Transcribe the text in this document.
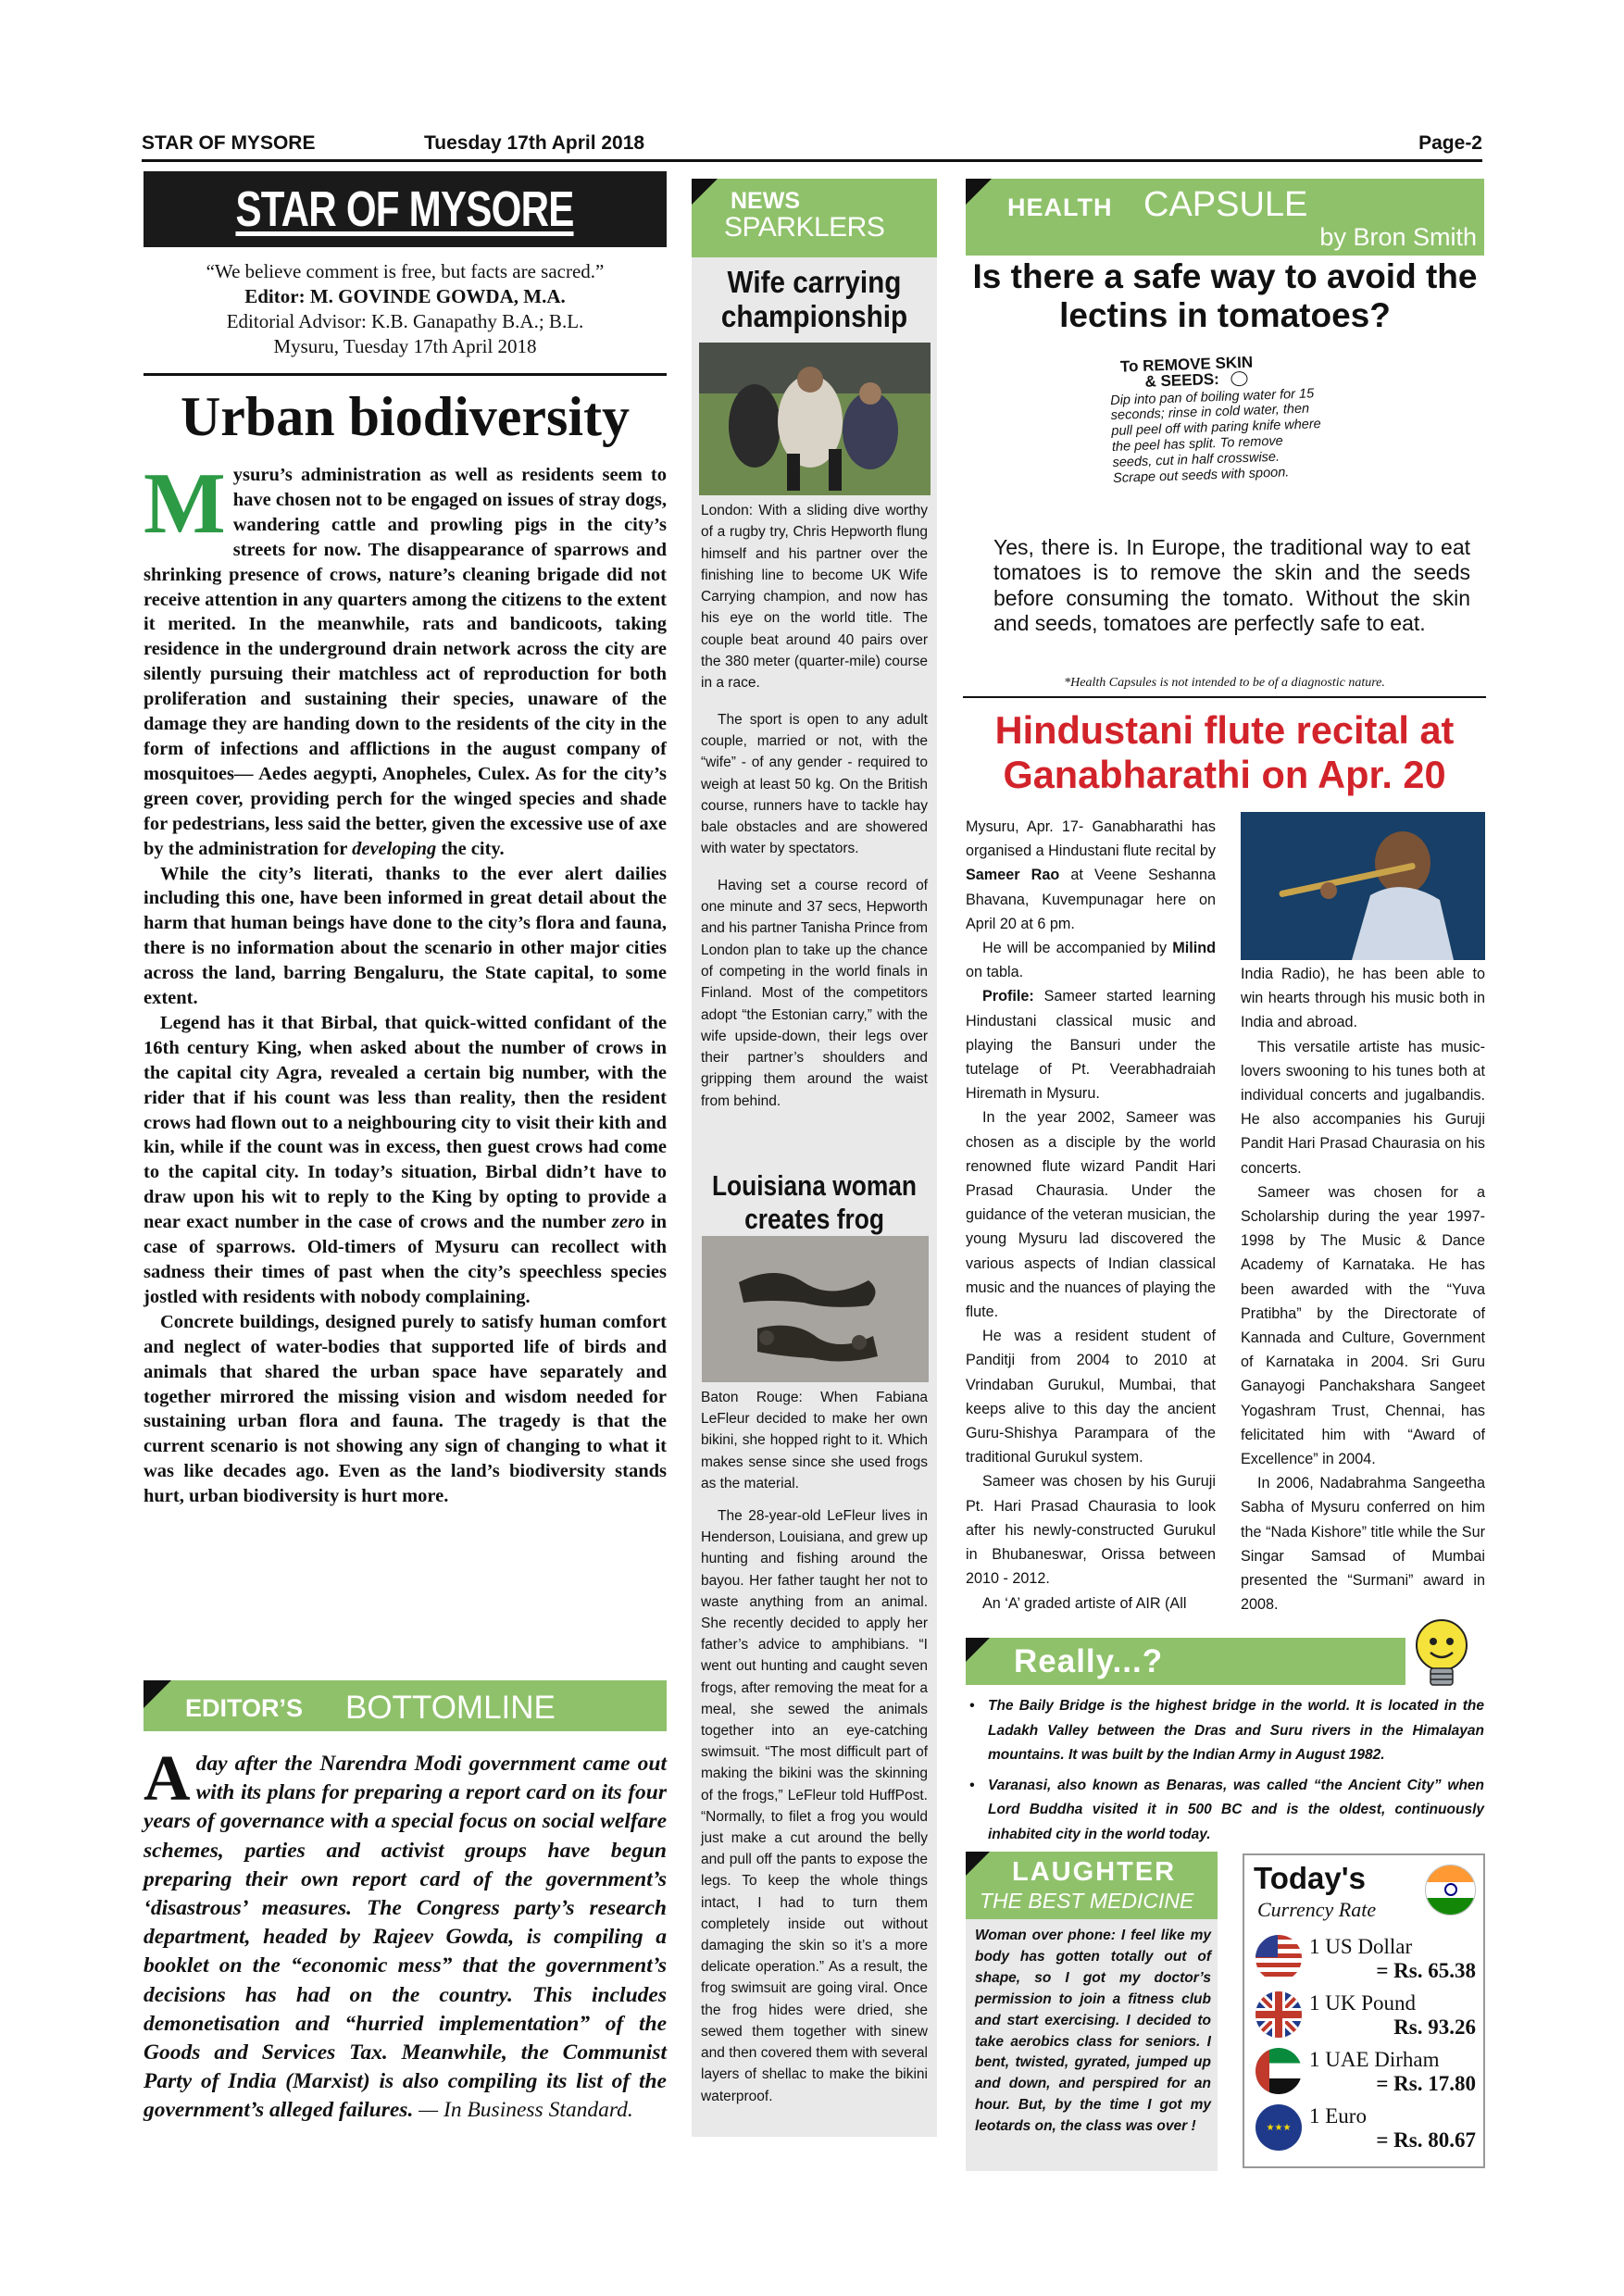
STAR OF MYSORE	Tuesday 17th April 2018	Page-2
STAR OF MYSORE
“We believe comment is free, but facts are sacred.”
Editor: M. GOVINDE GOWDA, M.A.
Editorial Advisor: K.B. Ganapathy B.A.; B.L.
Mysuru, Tuesday 17th April 2018
Urban biodiversity

Mysuru’s administration as well as residents seem to have chosen not to be engaged on issues of stray dogs, wandering cattle and prowling pigs in the city’s streets for now. The disappearance of sparrows and shrinking presence of crows, nature’s cleaning brigade did not receive attention in any quarters among the citizens to the extent it merited. In the meanwhile, rats and bandicoots, taking residence in the underground drain network across the city are silently pursuing their matchless act of reproduction for both proliferation and sustaining their species, unaware of the damage they are handing down to the residents of the city in the form of infections and afflictions in the august company of mosquitoes— Aedes aegypti, Anopheles, Culex. As for the city’s green cover, providing perch for the winged species and shade for pedestrians, less said the better, given the excessive use of axe by the administration for developing the city.

While the city’s literati, thanks to the ever alert dailies including this one, have been informed in great detail about the harm that human beings have done to the city’s flora and fauna, there is no information about the scenario in other major cities across the land, barring Bengaluru, the State capital, to some extent.

Legend has it that Birbal, that quick-witted confidant of the 16th century King, when asked about the number of crows in the capital city Agra, revealed a certain big number, with the rider that if his count was less than reality, then the resident crows had flown out to a neighbouring city to visit their kith and kin, while if the count was in excess, then guest crows had come to the capital city. In today’s situation, Birbal didn’t have to draw upon his wit to reply to the King by opting to provide a near exact number in the case of crows and the number zero in case of sparrows. Old-timers of Mysuru can recollect with sadness their times of past when the city’s speechless species jostled with residents with nobody complaining.

Concrete buildings, designed purely to satisfy human comfort and neglect of water-bodies that supported life of birds and animals that shared the urban space have separately and together mirrored the missing vision and wisdom needed for sustaining urban flora and fauna. The tragedy is that the current scenario is not showing any sign of changing to what it was like decades ago. Even as the land’s biodiversity stands hurt, urban biodiversity is hurt more.

EDITOR’S BOTTOMLINE

Aday after the Narendra Modi government came out with its plans for preparing a report card on its four years of governance with a special focus on social welfare schemes, parties and activist groups have begun preparing their own report card of the government’s ‘disastrous’ measures. The Congress party’s research department, headed by Rajeev Gowda, is compiling a booklet on the “economic mess” that the government’s decisions has had on the country. This includes demonetisation and “hurried implementation” of the Goods and Services Tax. Meanwhile, the Communist Party of India (Marxist) is also compiling its list of the government’s alleged failures. — In Business Standard.

NEWS
SPARKLERS
Wife carrying championship

London: With a sliding dive worthy of a rugby try, Chris Hepworth flung himself and his partner over the finishing line to become UK Wife Carrying champion, and now has his eye on the world title. The couple beat around 40 pairs over the 380 meter (quarter-mile) course in a race.

The sport is open to any adult couple, married or not, with the “wife” - of any gender - required to weigh at least 50 kg. On the British course, runners have to tackle hay bale obstacles and are showered with water by spectators.

Having set a course record of one minute and 37 secs, Hepworth and his partner Tanisha Prince from London plan to take up the chance of competing in the world finals in Finland. Most of the competitors adopt “the Estonian carry,” with the wife upside-down, their legs over their partner’s shoulders and gripping them around the waist from behind.

Louisiana woman creates frog

Baton Rouge: When Fabiana LeFleur decided to make her own bikini, she hopped right to it. Which makes sense since she used frogs as the material.

The 28-year-old LeFleur lives in Henderson, Louisiana, and grew up hunting and fishing around the bayou. Her father taught her not to waste anything from an animal. She recently decided to apply her father’s advice to amphibians. “I went out hunting and caught seven frogs, after removing the meat for a meal, she sewed the animals together into an eye-catching swimsuit. “The most difficult part of making the bikini was the skinning of the frogs,” LeFleur told HuffPost. “Normally, to filet a frog you would just make a cut around the belly and pull off the pants to expose the legs. To keep the whole things intact, I had to turn them completely inside out without damaging the skin so it’s a more delicate operation.” As a result, the frog swimsuit are going viral. Once the frog hides were dried, she sewed them together with sinew and then covered them with several layers of shellac to make the bikini waterproof.

HEALTH CAPSULE
by Bron Smith
Is there a safe way to avoid the lectins in tomatoes?
To REMOVE SKIN
& SEEDS:
Dip into pan of boiling water for 15 seconds; rinse in cold water, then pull peel off with paring knife where the peel has split. To remove seeds, cut in half crosswise. Scrape out seeds with spoon.

Yes, there is. In Europe, the traditional way to eat tomatoes is to remove the skin and the seeds before consuming the tomato. Without the skin and seeds, tomatoes are perfectly safe to eat.

*Health Capsules is not intended to be of a diagnostic nature.

Hindustani flute recital at Ganabharathi on Apr. 20

Mysuru, Apr. 17- Ganabharathi has organised a Hindustani flute recital by Sameer Rao at Veene Seshanna Bhavana, Kuvempunagar here on April 20 at 6 pm.

He will be accompanied by Milind on tabla.

Profile: Sameer started learning Hindustani classical music and playing the Bansuri under the tutelage of Pt. Veerabhadraiah Hiremath in Mysuru.

In the year 2002, Sameer was chosen as a disciple by the world renowned flute wizard Pandit Hari Prasad Chaurasia. Under the guidance of the veteran musician, the young Mysuru lad discovered the various aspects of Indian classical music and the nuances of playing the flute.

He was a resident student of Panditji from 2004 to 2010 at Vrindaban Gurukul, Mumbai, that keeps alive to this day the ancient Guru-Shishya Parampara of the traditional Gurukul system.

Sameer was chosen by his Guruji Pt. Hari Prasad Chaurasia to look after his newly-constructed Gurukul in Bhubaneswar, Orissa between 2010 - 2012.

An ‘A’ graded artiste of AIR (All

India Radio), he has been able to win hearts through his music both in India and abroad.

This versatile artiste has music-lovers swooning to his tunes both at individual concerts and jugalbandis. He also accompanies his Guruji Pandit Hari Prasad Chaurasia on his concerts.

Sameer was chosen for a Scholarship during the year 1997-1998 by The Music & Dance Academy of Karnataka. He has been awarded with the “Yuva Pratibha” by the Directorate of Kannada and Culture, Government of Karnataka in 2004. Sri Guru Ganayogi Panchakshara Sangeet Yogashram Trust, Chennai, has felicitated him with “Award of Excellence” in 2004.

In 2006, Nadabrahma Sangeetha Sabha of Mysuru conferred on him the “Nada Kishore” title while the Sur Singar Samsad of Mumbai presented the “Surmani” award in 2008.

Really...?
• The Baily Bridge is the highest bridge in the world. It is located in the Ladakh Valley between the Dras and Suru rivers in the Himalayan mountains. It was built by the Indian Army in August 1982.
• Varanasi, also known as Benaras, was called “the Ancient City” when Lord Buddha visited it in 500 BC and is the oldest, continuously inhabited city in the world today.
LAUGHTER
THE BEST MEDICINE

Woman over phone: I feel like my body has gotten totally out of shape, so I got my doctor’s permission to join a fitness club and start exercising. I decided to take aerobics class for seniors. I bent, twisted, gyrated, jumped up and down, and perspired for an hour. But, by the time I got my leotards on, the class was over !

Today's
Currency Rate
1 US Dollar
= Rs. 65.38
1 UK Pound
Rs. 93.26
1 UAE Dirham
= Rs. 17.80
★★★ 1 Euro
= Rs. 80.67
